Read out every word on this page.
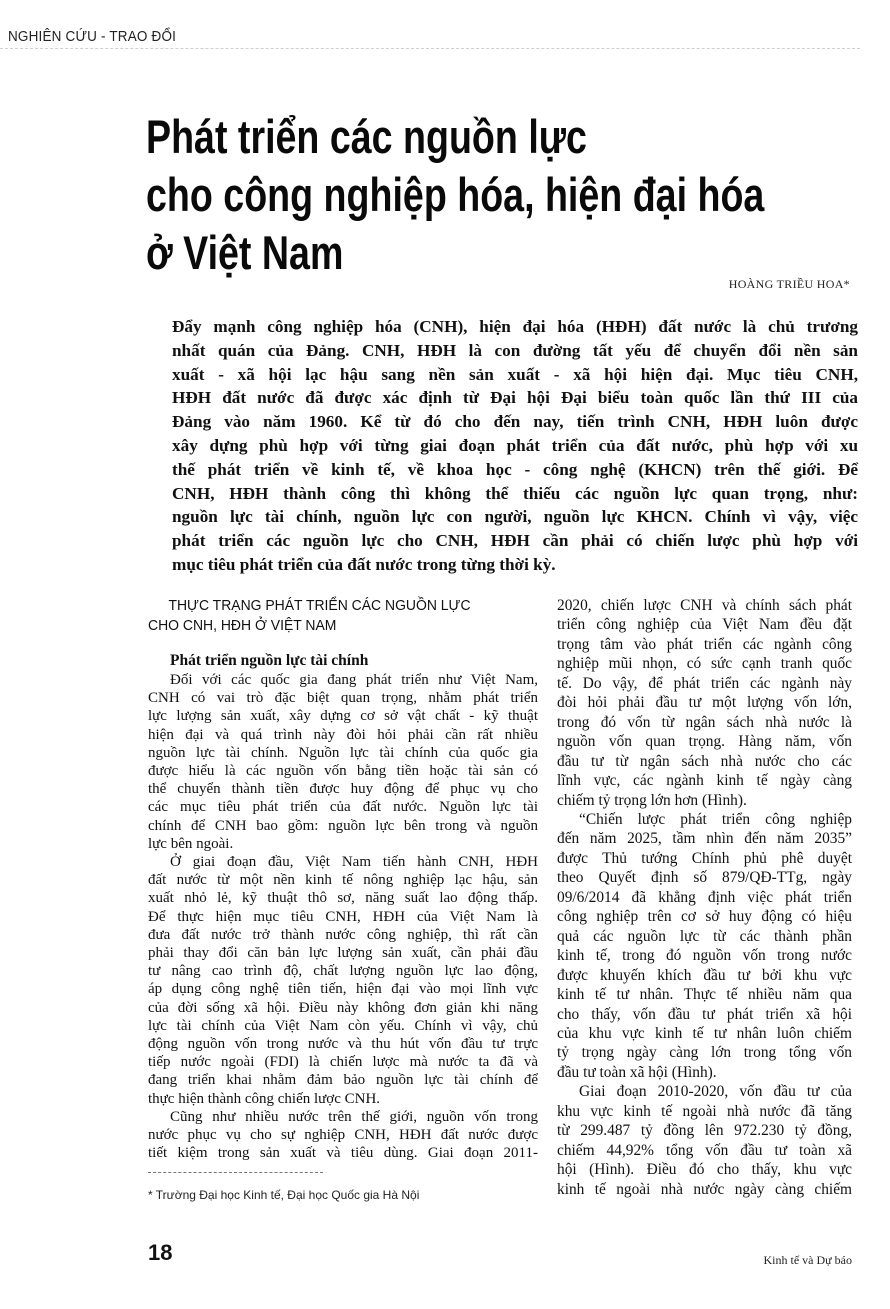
NGHIÊN CỨU - TRAO ĐỔI
Phát triển các nguồn lực
cho công nghiệp hóa, hiện đại hóa
ở Việt Nam
HOÀNG TRIỀU HOA*
Đẩy mạnh công nghiệp hóa (CNH), hiện đại hóa (HĐH) đất nước là chủ trương
nhất quán của Đảng. CNH, HĐH là con đường tất yếu để chuyển đổi nền sản
xuất - xã hội lạc hậu sang nền sản xuất - xã hội hiện đại. Mục tiêu CNH,
HĐH đất nước đã được xác định từ Đại hội Đại biểu toàn quốc lần thứ III của
Đảng vào năm 1960. Kể từ đó cho đến nay, tiến trình CNH, HĐH luôn được
xây dựng phù hợp với từng giai đoạn phát triển của đất nước, phù hợp với xu
thế phát triển về kinh tế, về khoa học - công nghệ (KHCN) trên thế giới. Để
CNH, HĐH thành công thì không thể thiếu các nguồn lực quan trọng, như:
nguồn lực tài chính, nguồn lực con người, nguồn lực KHCN. Chính vì vậy, việc
phát triển các nguồn lực cho CNH, HĐH cần phải có chiến lược phù hợp với
mục tiêu phát triển của đất nước trong từng thời kỳ.
THỰC TRẠNG PHÁT TRIỂN CÁC NGUỒN LỰC
CHO CNH, HĐH Ở VIỆT NAM
Phát triển nguồn lực tài chính
Đối với các quốc gia đang phát triển như Việt Nam,
CNH có vai trò đặc biệt quan trọng, nhằm phát triển
lực lượng sản xuất, xây dựng cơ sở vật chất - kỹ thuật
hiện đại và quá trình này đòi hỏi phải cần rất nhiều
nguồn lực tài chính. Nguồn lực tài chính của quốc gia
được hiểu là các nguồn vốn bằng tiền hoặc tài sản có
thể chuyển thành tiền được huy động để phục vụ cho
các mục tiêu phát triển của đất nước. Nguồn lực tài
chính để CNH bao gồm: nguồn lực bên trong và nguồn
lực bên ngoài.
Ở giai đoạn đầu, Việt Nam tiến hành CNH, HĐH
đất nước từ một nền kinh tế nông nghiệp lạc hậu, sản
xuất nhỏ lẻ, kỹ thuật thô sơ, năng suất lao động thấp.
Để thực hiện mục tiêu CNH, HĐH của Việt Nam là
đưa đất nước trở thành nước công nghiệp, thì rất cần
phải thay đổi căn bản lực lượng sản xuất, cần phải đầu
tư nâng cao trình độ, chất lượng nguồn lực lao động,
áp dụng công nghệ tiên tiến, hiện đại vào mọi lĩnh vực
của đời sống xã hội. Điều này không đơn giản khi năng
lực tài chính của Việt Nam còn yếu. Chính vì vậy, chủ
động nguồn vốn trong nước và thu hút vốn đầu tư trực
tiếp nước ngoài (FDI) là chiến lược mà nước ta đã và
đang triển khai nhằm đảm bảo nguồn lực tài chính để
thực hiện thành công chiến lược CNH.
Cũng như nhiều nước trên thế giới, nguồn vốn trong
nước phục vụ cho sự nghiệp CNH, HĐH đất nước được
tiết kiệm trong sản xuất và tiêu dùng. Giai đoạn 2011-
2020, chiến lược CNH và chính sách phát
triển công nghiệp của Việt Nam đều đặt
trọng tâm vào phát triển các ngành công
nghiệp mũi nhọn, có sức cạnh tranh quốc
tế. Do vậy, để phát triển các ngành này
đòi hỏi phải đầu tư một lượng vốn lớn,
trong đó vốn từ ngân sách nhà nước là
nguồn vốn quan trọng. Hàng năm, vốn
đầu tư từ ngân sách nhà nước cho các
lĩnh vực, các ngành kinh tế ngày càng
chiếm tỷ trọng lớn hơn (Hình).
“Chiến lược phát triển công nghiệp
đến năm 2025, tầm nhìn đến năm 2035”
được Thủ tướng Chính phủ phê duyệt
theo Quyết định số 879/QĐ-TTg, ngày
09/6/2014 đã khẳng định việc phát triển
công nghiệp trên cơ sở huy động có hiệu
quả các nguồn lực từ các thành phần
kinh tế, trong đó nguồn vốn trong nước
được khuyến khích đầu tư bởi khu vực
kinh tế tư nhân. Thực tế nhiều năm qua
cho thấy, vốn đầu tư phát triển xã hội
của khu vực kinh tế tư nhân luôn chiếm
tỷ trọng ngày càng lớn trong tổng vốn
đầu tư toàn xã hội (Hình).
Giai đoạn 2010-2020, vốn đầu tư của
khu vực kinh tế ngoài nhà nước đã tăng
từ 299.487 tỷ đồng lên 972.230 tỷ đồng,
chiếm 44,92% tổng vốn đầu tư toàn xã
hội (Hình). Điều đó cho thấy, khu vực
kinh tế ngoài nhà nước ngày càng chiếm
* Trường Đại học Kinh tế, Đại học Quốc gia Hà Nội
18	Kinh tế và Dự báo
